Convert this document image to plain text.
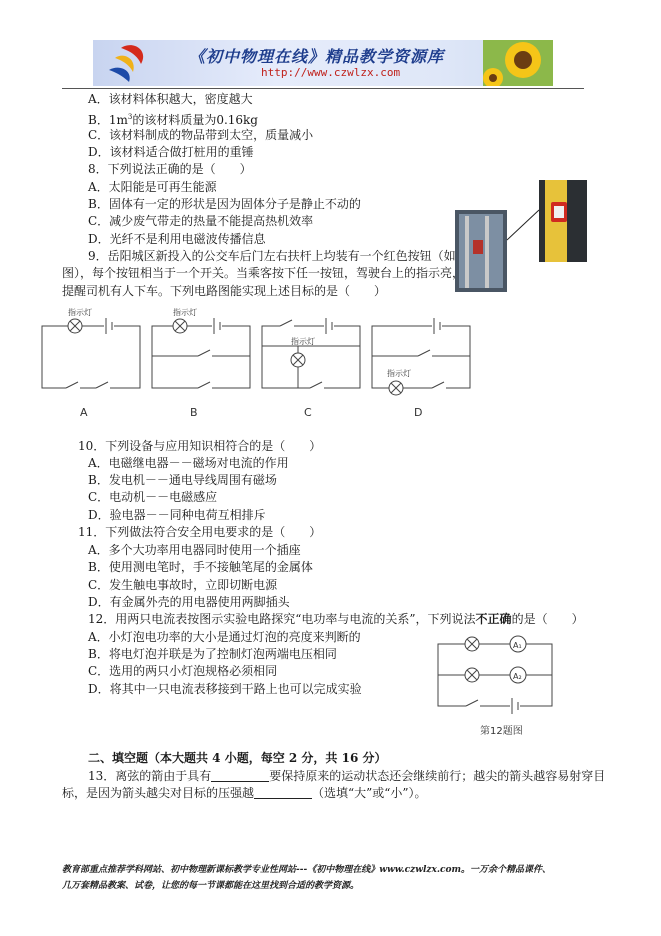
《初中物理在线》精品教学资源库
http://www.czwlzx.com
A．该材料体积越大，密度越大
B．$1m^3$的该材料质量为0.16kg
C．该材料制成的物品带到太空，质量减小
D．该材料适合做打桩用的重锤
8．下列说法正确的是（　　）
A．太阳能是可再生能源
B．固体有一定的形状是因为固体分子是静止不动的
C．减少废气带走的热量不能提高热机效率
D．光纤不是利用电磁波传播信息
9．岳阳城区新投入的公交车后门左右扶杆上均装有一个红色按钮（如
图），每个按钮相当于一个开关。当乘客按下任一按钮，驾驶台上的指示亮，
提醒司机有人下车。下列电路图能实现上述目标的是（　　）
指示灯	指示灯
指示灯
指示灯
A	B	C	D
10．下列设备与应用知识相符合的是（　　）
A．电磁继电器－－磁场对电流的作用
B．发电机－－通电导线周围有磁场
C．电动机－－电磁感应
D．验电器－－同种电荷互相排斥
11．下列做法符合安全用电要求的是（　　）
A．多个大功率用电器同时使用一个插座
B．使用测电笔时，手不接触笔尾的金属体
C．发生触电事故时，立即切断电源
D．有金属外壳的用电器使用两脚插头
12．用两只电流表按图示实验电路探究“电功率与电流的关系”，下列说法不正确的是（　　）
A．小灯泡电功率的大小是通过灯泡的亮度来判断的
B．将电灯泡并联是为了控制灯泡两端电压相同
C．选用的两只小灯泡规格必须相同
D．将其中一只电流表移接到干路上也可以完成实验
A₁
A₂
第12题图
二、填空题（本大题共 4 小题，每空 2 分，共 16 分）
13．离弦的箭由于具有	要保持原来的运动状态还会继续前行；越尖的箭头越容易射穿目
标，是因为箭头越尖对目标的压强越	（选填“大”或“小”）。
教育部重点推荐学科网站、初中物理新课标教学专业性网站---《初中物理在线》www.czwlzx.com。一万余个精品课件、
几万套精品教案、试卷，让您的每一节课都能在这里找到合适的教学资源。
